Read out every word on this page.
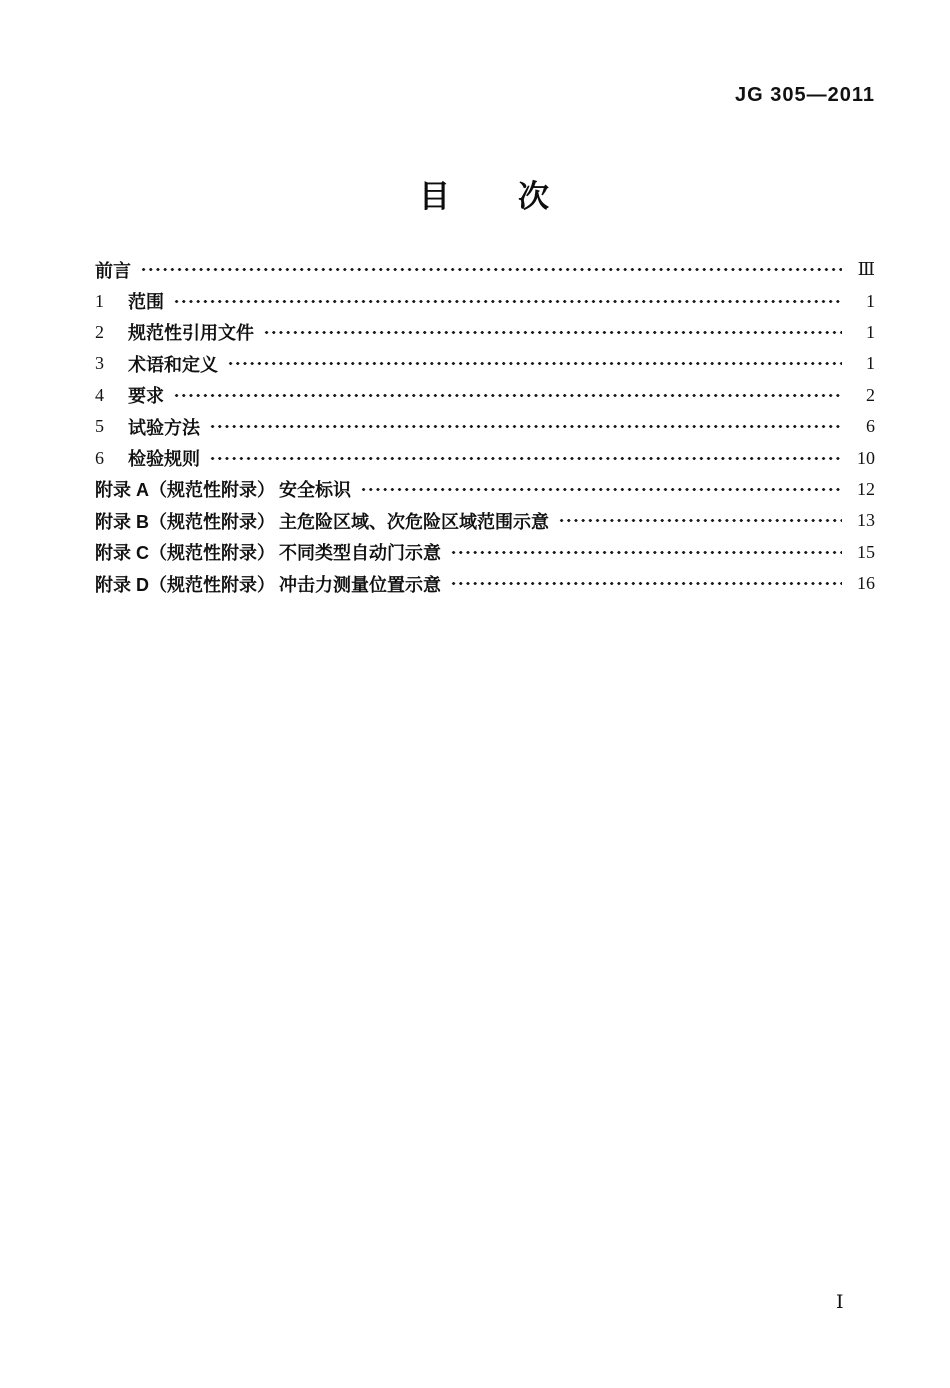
JG 305—2011
目　　次
前言	Ⅲ
1	范围	1
2	规范性引用文件	1
3	术语和定义	1
4	要求	2
5	试验方法	6
6	检验规则	10
附录 A（规范性附录） 安全标识	12
附录 B（规范性附录） 主危险区域、次危险区域范围示意	13
附录 C（规范性附录） 不同类型自动门示意	15
附录 D（规范性附录） 冲击力测量位置示意	16
Ⅰ
